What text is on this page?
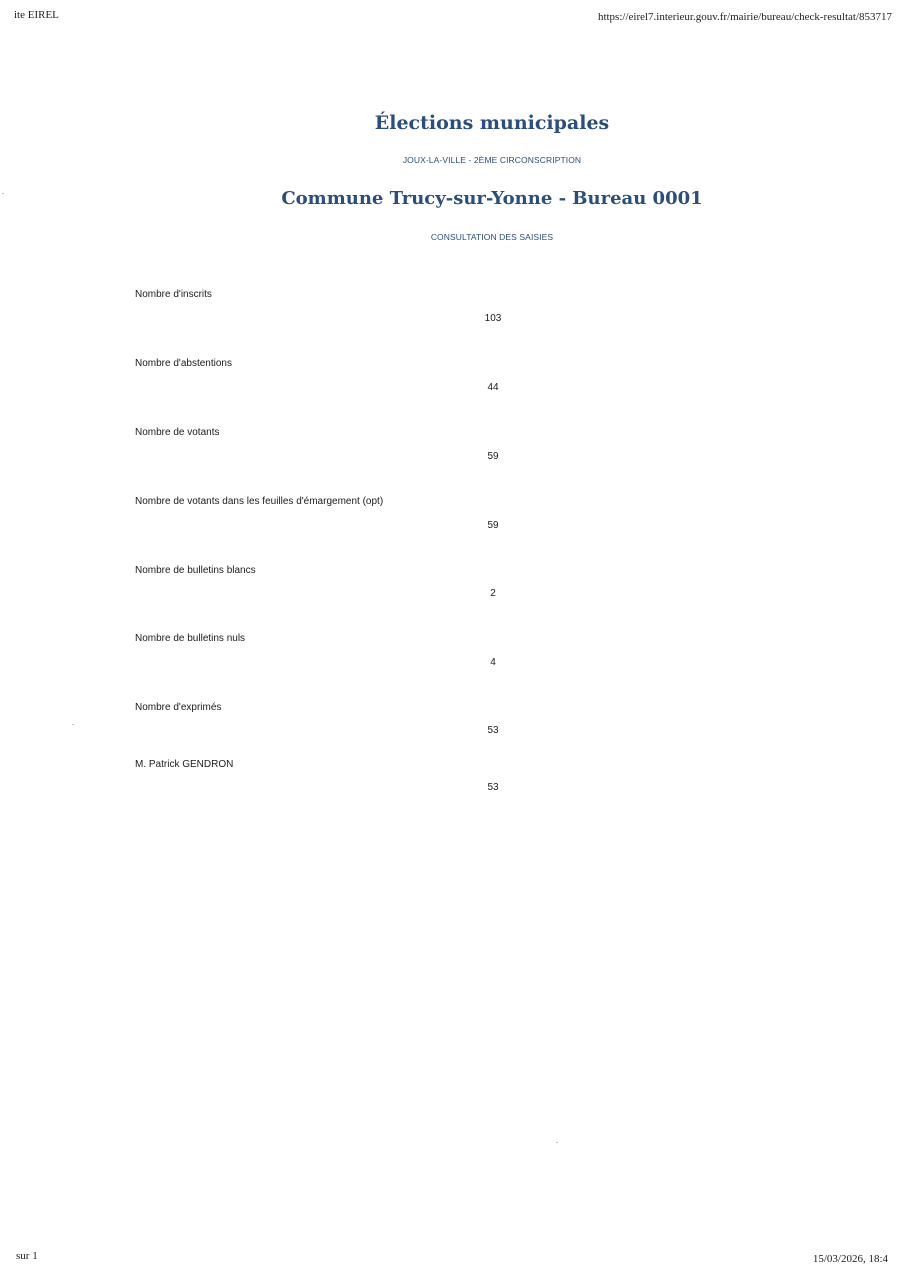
ite EIREL	https://eirel7.interieur.gouv.fr/mairie/bureau/check-resultat/853717
Élections municipales
JOUX-LA-VILLE - 2ÈME CIRCONSCRIPTION
Commune Trucy-sur-Yonne - Bureau 0001
CONSULTATION DES SAISIES
Nombre d'inscrits
103
Nombre d'abstentions
44
Nombre de votants
59
Nombre de votants dans les feuilles d'émargement (opt)
59
Nombre de bulletins blancs
2
Nombre de bulletins nuls
4
Nombre d'exprimés
53
M. Patrick GENDRON
53
sur 1	15/03/2026, 18:4
